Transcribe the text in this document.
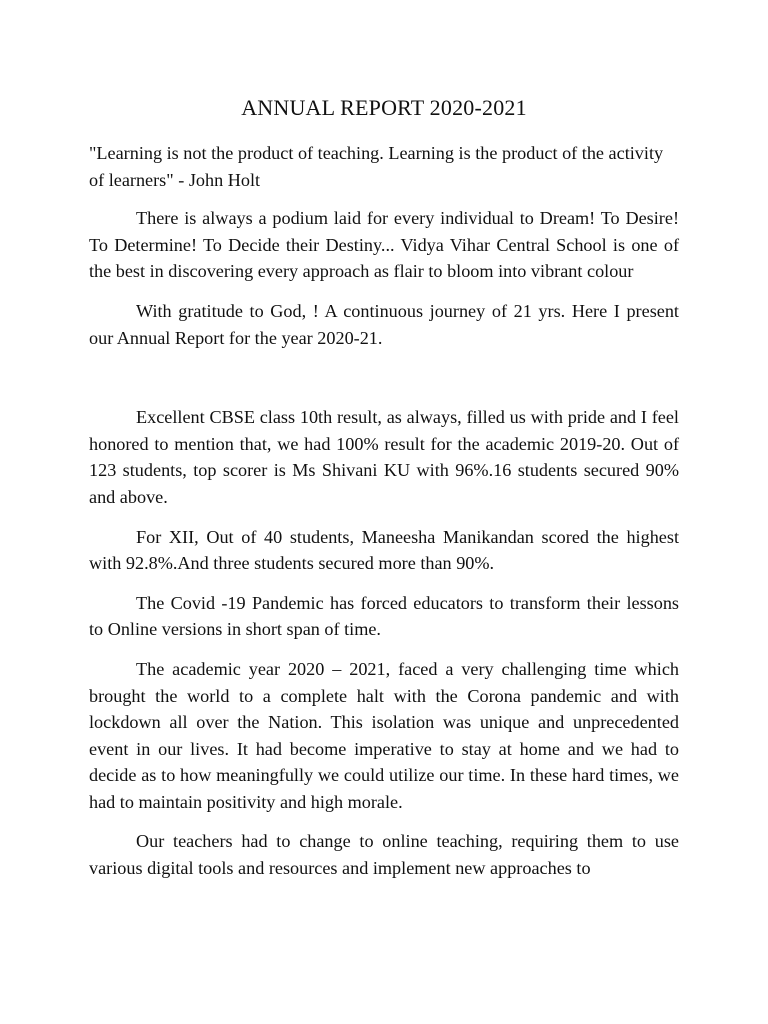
ANNUAL REPORT 2020-2021

"Learning is not the product of teaching. Learning is the product of the activity of learners" - John Holt

There is always a podium laid for every individual to Dream! To Desire! To Determine! To Decide their Destiny... Vidya Vihar Central School is one of the best in discovering every approach as flair to bloom into vibrant colour

With gratitude to God, ! A continuous journey of 21 yrs. Here I present our Annual Report for the year 2020-21.

Excellent CBSE class 10th result, as always, filled us with pride and I feel honored to mention that, we had 100% result for the academic 2019-20. Out of 123 students, top scorer is Ms Shivani KU with 96%.16 students secured 90% and above.

For XII, Out of 40 students, Maneesha Manikandan scored the highest with 92.8%.And three students secured more than 90%.

The Covid -19 Pandemic has forced educators to transform their lessons to Online versions in short span of time.

The academic year 2020 – 2021, faced a very challenging time which brought the world to a complete halt with the Corona pandemic and with lockdown all over the Nation. This isolation was unique and unprecedented event in our lives. It had become imperative to stay at home and we had to decide as to how meaningfully we could utilize our time. In these hard times, we had to maintain positivity and high morale.

Our teachers had to change to online teaching, requiring them to use various digital tools and resources and implement new approaches to
